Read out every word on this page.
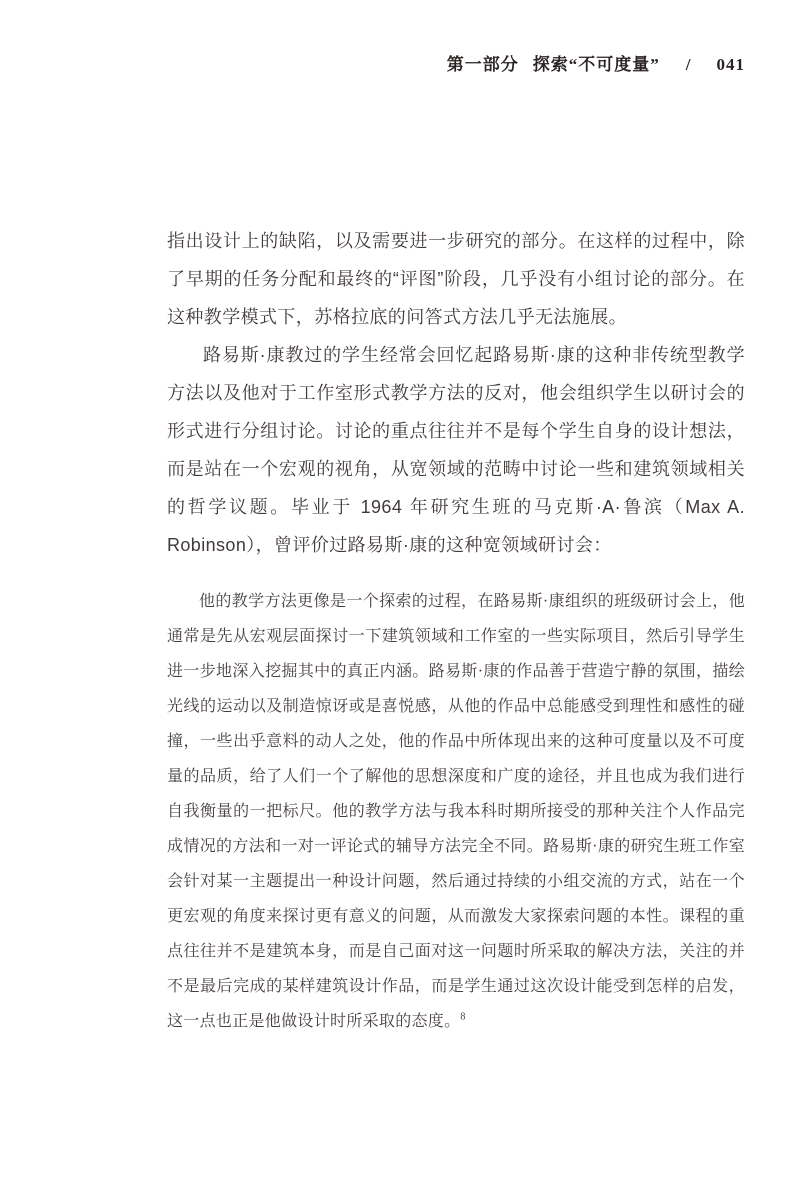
第一部分 探索“不可度量” / 041

指出设计上的缺陷，以及需要进一步研究的部分。在这样的过程中，除了早期的任务分配和最终的“评图”阶段，几乎没有小组讨论的部分。在这种教学模式下，苏格拉底的问答式方法几乎无法施展。

路易斯·康教过的学生经常会回忆起路易斯·康的这种非传统型教学方法以及他对于工作室形式教学方法的反对，他会组织学生以研讨会的形式进行分组讨论。讨论的重点往往并不是每个学生自身的设计想法，而是站在一个宏观的视角，从宽领域的范畴中讨论一些和建筑领域相关的哲学议题。毕业于 1964 年研究生班的马克斯·A·鲁滨（Max A. Robinson），曾评价过路易斯·康的这种宽领域研讨会：

他的教学方法更像是一个探索的过程，在路易斯·康组织的班级研讨会上，他通常是先从宏观层面探讨一下建筑领域和工作室的一些实际项目，然后引导学生进一步地深入挖掘其中的真正内涵。路易斯·康的作品善于营造宁静的氛围，描绘光线的运动以及制造惊讶或是喜悦感，从他的作品中总能感受到理性和感性的碰撞，一些出乎意料的动人之处，他的作品中所体现出来的这种可度量以及不可度量的品质，给了人们一个了解他的思想深度和广度的途径，并且也成为我们进行自我衡量的一把标尺。他的教学方法与我本科时期所接受的那种关注个人作品完成情况的方法和一对一评论式的辅导方法完全不同。路易斯·康的研究生班工作室会针对某一主题提出一种设计问题，然后通过持续的小组交流的方式，站在一个更宏观的角度来探讨更有意义的问题，从而激发大家探索问题的本性。课程的重点往往并不是建筑本身，而是自己面对这一问题时所采取的解决方法，关注的并不是最后完成的某样建筑设计作品，而是学生通过这次设计能受到怎样的启发，这一点也正是他做设计时所采取的态度。$^8$
